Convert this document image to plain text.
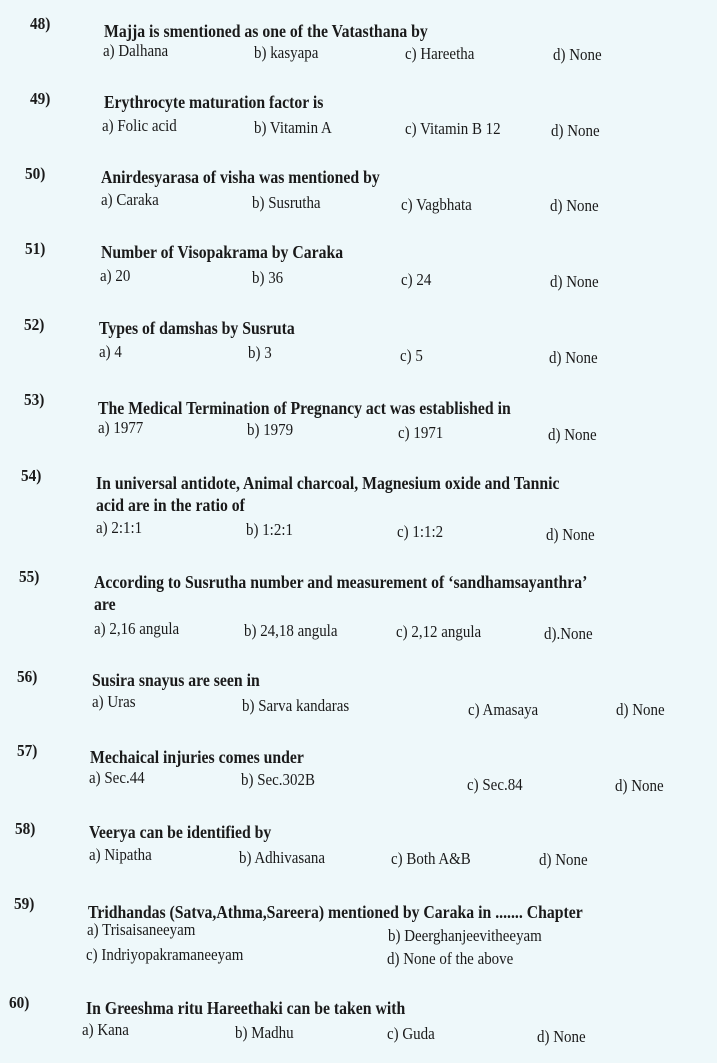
48)	Majja is smentioned as one of the Vatasthana by
a) Dalhana	b) kasyapa	c) Hareetha	d) None
49)	Erythrocyte maturation factor is
a) Folic acid	b) Vitamin A	c) Vitamin B 12	d) None
50)	Anirdesyarasa of visha was mentioned by
a) Caraka	b) Susrutha	c) Vagbhata	d) None
51)	Number of Visopakrama by Caraka
a) 20	b) 36	c) 24	d) None
52)	Types of damshas by Susruta
a) 4	b) 3	c) 5	d) None
53)	The Medical Termination of Pregnancy act was established in
a) 1977	b) 1979	c) 1971	d) None
54)	In universal antidote, Animal charcoal, Magnesium oxide and Tannic
acid are in the ratio of
a) 2:1:1	b) 1:2:1	c) 1:1:2	d) None
55)	According to Susrutha number and measurement of ‘sandhamsayanthra’
are
a) 2,16 angula	b) 24,18 angula	c) 2,12 angula	d).None
56)	Susira snayus are seen in
a) Uras	b) Sarva kandaras	c) Amasaya	d) None
57)	Mechaical injuries comes under
a) Sec.44	b) Sec.302B	c) Sec.84	d) None
58)	Veerya can be identified by
a) Nipatha	b) Adhivasana	c) Both A&B	d) None
59)	Tridhandas (Satva,Athma,Sareera) mentioned by Caraka in ....... Chapter
a) Trisaisaneeyam	b) Deerghanjeevitheeyam
c) Indriyopakramaneeyam	d) None of the above
60)	In Greeshma ritu Hareethaki can be taken with
a) Kana	b) Madhu	c) Guda	d) None
